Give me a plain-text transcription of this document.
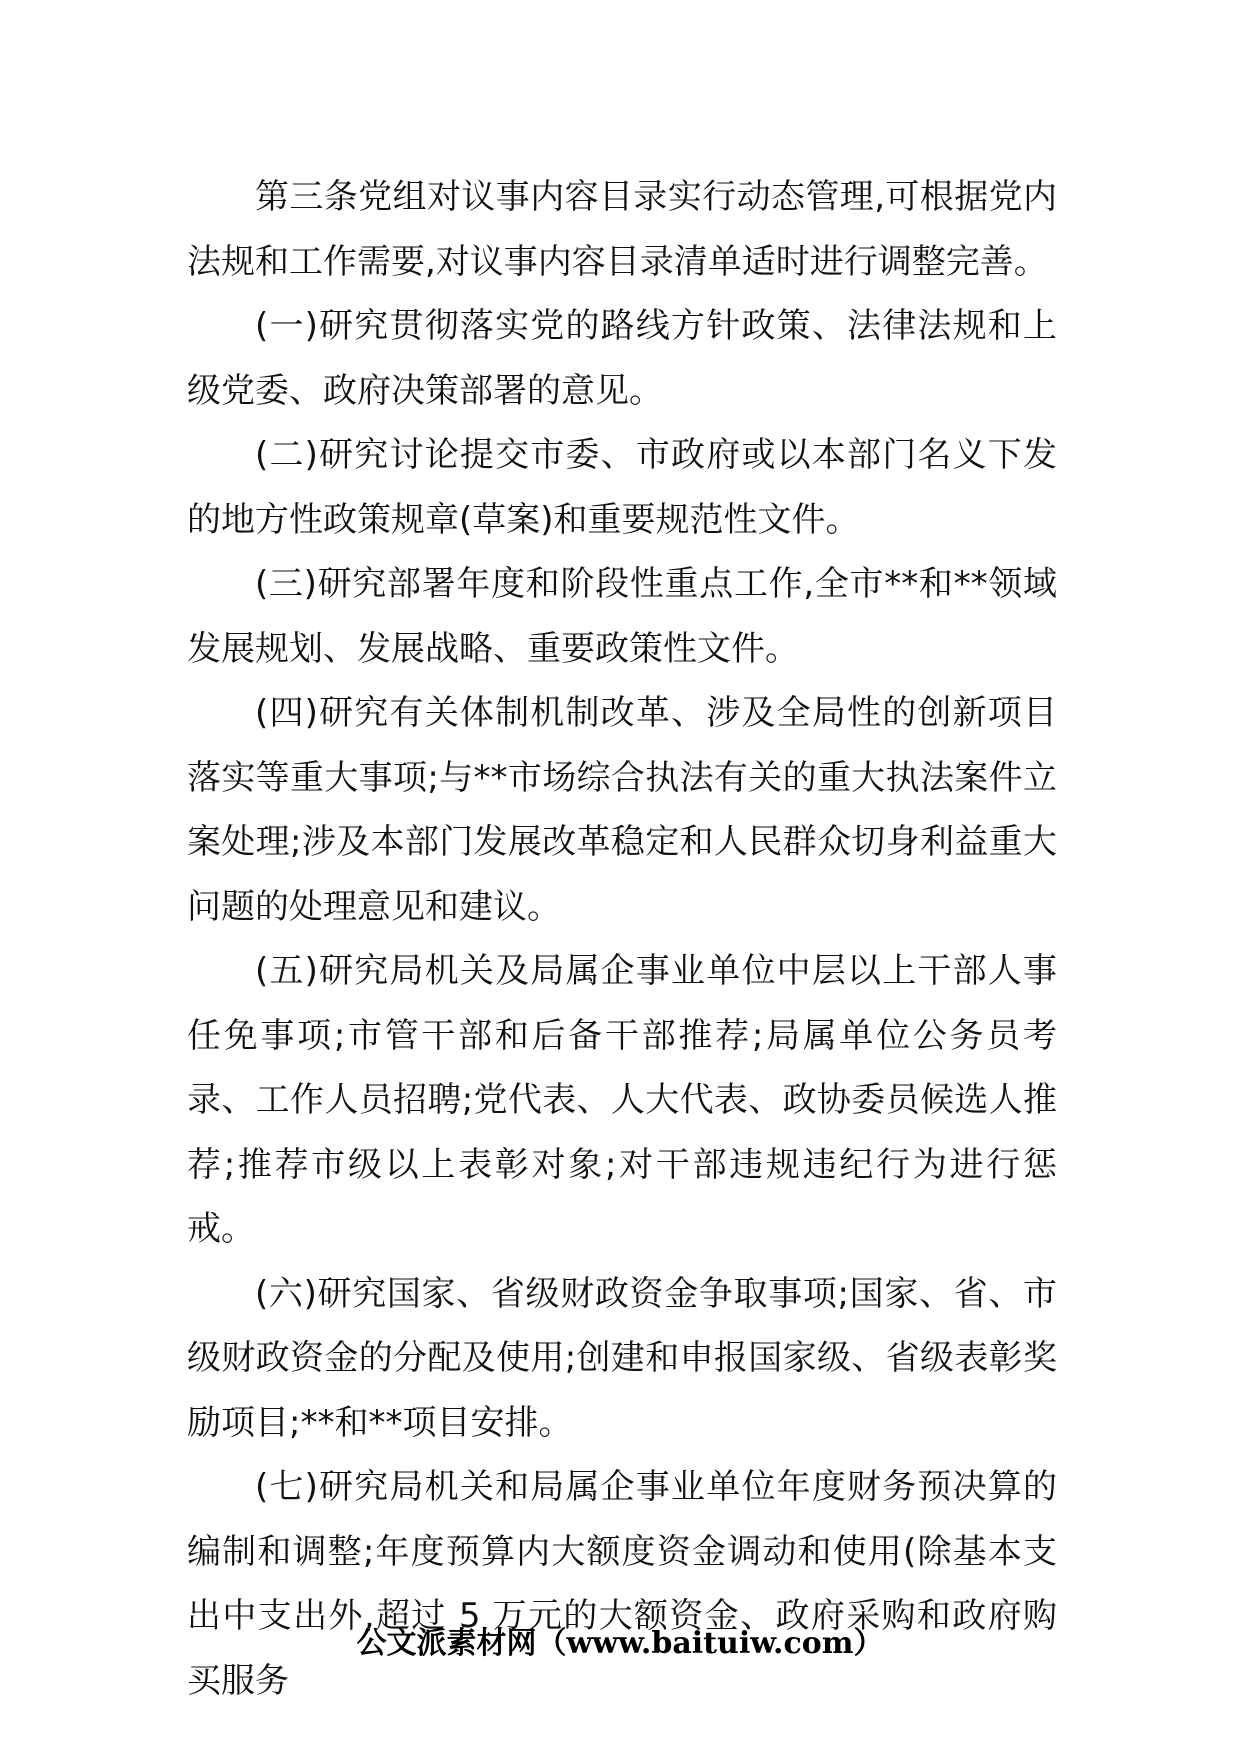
第三条党组对议事内容目录实行动态管理,可根据党内法规和工作需要,对议事内容目录清单适时进行调整完善。

(一)研究贯彻落实党的路线方针政策、法律法规和上级党委、政府决策部署的意见。

(二)研究讨论提交市委、市政府或以本部门名义下发的地方性政策规章(草案)和重要规范性文件。

(三)研究部署年度和阶段性重点工作,全市**和**领域发展规划、发展战略、重要政策性文件。

(四)研究有关体制机制改革、涉及全局性的创新项目落实等重大事项;与**市场综合执法有关的重大执法案件立案处理;涉及本部门发展改革稳定和人民群众切身利益重大问题的处理意见和建议。

(五)研究局机关及局属企事业单位中层以上干部人事任免事项;市管干部和后备干部推荐;局属单位公务员考录、工作人员招聘;党代表、人大代表、政协委员候选人推荐;推荐市级以上表彰对象;对干部违规违纪行为进行惩戒。

(六)研究国家、省级财政资金争取事项;国家、省、市级财政资金的分配及使用;创建和申报国家级、省级表彰奖励项目;**和**项目安排。

(七)研究局机关和局属企事业单位年度财务预决算的编制和调整;年度预算内大额度资金调动和使用(除基本支出中支出外,超过 5 万元的大额资金、政府采购和政府购买服务

公文派素材网（www.baituiw.com）
